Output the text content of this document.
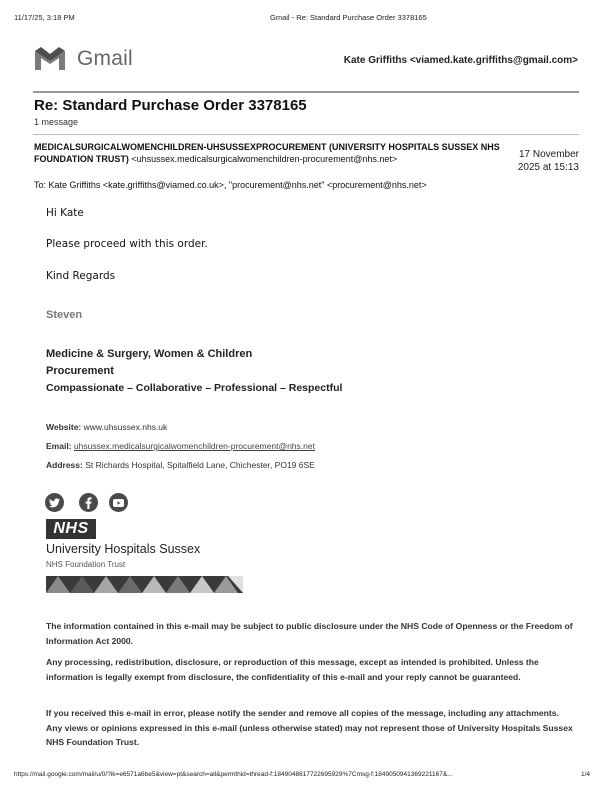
11/17/25, 3:18 PM	Gmail - Re: Standard Purchase Order 3378165
Gmail	Kate Griffiths <viamed.kate.griffiths@gmail.com>
Re: Standard Purchase Order 3378165
1 message
MEDICALSURGICALWOMENCHILDREN-UHSUSSEXPROCUREMENT (UNIVERSITY HOSPITALS SUSSEX NHS FOUNDATION TRUST) <uhsussex.medicalsurgicalwomenchildren-procurement@nhs.net>	17 November
2025 at 15:13
To: Kate Griffiths <kate.griffiths@viamed.co.uk>, "procurement@nhs.net" <procurement@nhs.net>
Hi Kate
Please proceed with this order.
Kind Regards
Steven
Medicine & Surgery, Women & Children
Procurement
Compassionate – Collaborative – Professional – Respectful
Website: www.uhsussex.nhs.uk
Email: uhsussex.medicalsurgicalwomenchildren-procurement@nhs.net
Address: St Richards Hospital, Spitalfield Lane, Chichester, PO19 6SE
NHS
University Hospitals Sussex
NHS Foundation Trust
The information contained in this e-mail may be subject to public disclosure under the NHS Code of Openness or the Freedom of Information Act 2000.
Any processing, redistribution, disclosure, or reproduction of this message, except as intended is prohibited. Unless the information is legally exempt from disclosure, the confidentiality of this e-mail and your reply cannot be guaranteed.
If you received this e-mail in error, please notify the sender and remove all copies of the message, including any attachments. Any views or opinions expressed in this e-mail (unless otherwise stated) may not represent those of University Hospitals Sussex NHS Foundation Trust.
https://mail.google.com/mail/u/0/?ik=e6571a6be5&view=pt&search=all&permthid=thread-f:1849048617722695929%7Cmsg-f:1849050941369221167&...	1/4
